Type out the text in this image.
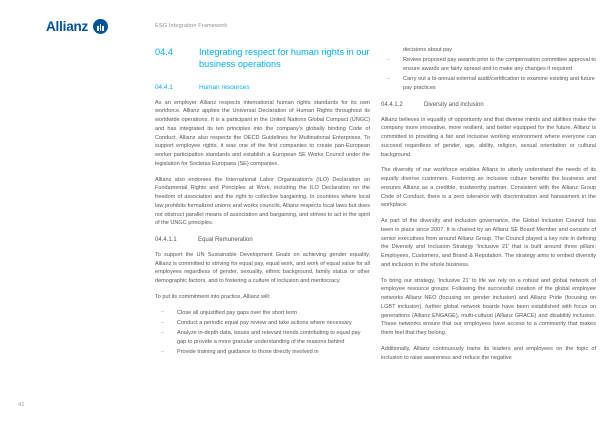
Allianz	ESG Integration Framework
41
04.4	Integrating respect for human rights in our business operations
04.4.1	Human resources

As an employer Allianz respects international human rights standards for its own workforce. Allianz applies the Universal Declaration of Human Rights throughout its worldwide operations. It is a participant in the United Nations Global Compact (UNGC) and has integrated its ten principles into the company's globally binding Code of Conduct. Allianz also respects the OECD Guidelines for Multinational Enterprises. To support employee rights, it was one of the first companies to create pan-European worker participation standards and establish a European SE Works Council under the legislation for Societas Europaea (SE) companies.

Allianz also endorses the International Labor Organization's (ILO) Declaration on Fundamental Rights and Principles at Work, including the ILO Declaration on the freedom of association and the right to collective bargaining. In countries where local law prohibits formalized unions and works councils, Allianz respects local laws but does not obstruct parallel means of association and bargaining, and strives to act in the spirit of the UNGC principles.

04.4.1.1	Equal Remuneration

To support the UN Sustainable Development Goals on achieving gender equality, Allianz is committed to striving for equal pay, equal work, and work of equal value for all employees regardless of gender, sexuality, ethnic background, family status or other demographic factors, and to fostering a culture of inclusion and meritocracy.

To put its commitment into practice, Allianz will:

– Close all unjustified pay gaps over the short term
– Conduct a periodic equal pay review and take actions where necessary
– Analyze in-depth data, issues and relevant trends contributing to equal pay gap to provide a more granular understanding of the reasons behind
– Provide training and guidance to those directly involved in
decisions about pay
– Review proposed pay awards prior to the compensation committee approval to ensure awards are fairly spread and to make any changes if required
– Carry out a bi-annual external audit/certification to examine existing and future pay practices
04.4.1.2	Diversity and inclusion

Allianz believes in equality of opportunity and that diverse minds and abilities make the company more innovative, more resilient, and better equipped for the future. Allianz is committed to providing a fair and inclusive working environment where everyone can succeed regardless of gender, age, ability, religion, sexual orientation or cultural background.

The diversity of our workforce enables Allianz to utterly understand the needs of its equally diverse customers. Fostering an inclusive culture benefits the business and ensures Allianz as a credible, trustworthy partner. Consistent with the Allianz Group Code of Conduct, there is a zero tolerance with discrimination and harassment in the workplace.

As part of the diversity and inclusion governance, the Global Inclusion Council has been in place since 2007. It is chaired by an Allianz SE Board Member and consists of senior executives from around Allianz Group. The Council played a key role in defining the Diversity and Inclusion Strategy 'Inclusive 21' that is built around three pillars: Employees, Customers, and Brand & Reputation. The strategy aims to embed diversity and inclusion in the whole business.

To bring our strategy, 'Inclusive 21' to life we rely on a robust and global network of employee resource groups. Following the successful creation of the global employee networks Allianz NEO (focusing on gender inclusion) and Allianz Pride (focusing on LGBT inclusion), further global network boards have been established with focus on generations (Allianz ENGAGE), multi-cultural (Allianz GRACE) and disability inclusion. These networks ensure that our employees have access to a community that makes them feel that they belong.

Additionally, Allianz continuously trains its leaders and employees on the topic of inclusion to raise awareness and reduce the negative
